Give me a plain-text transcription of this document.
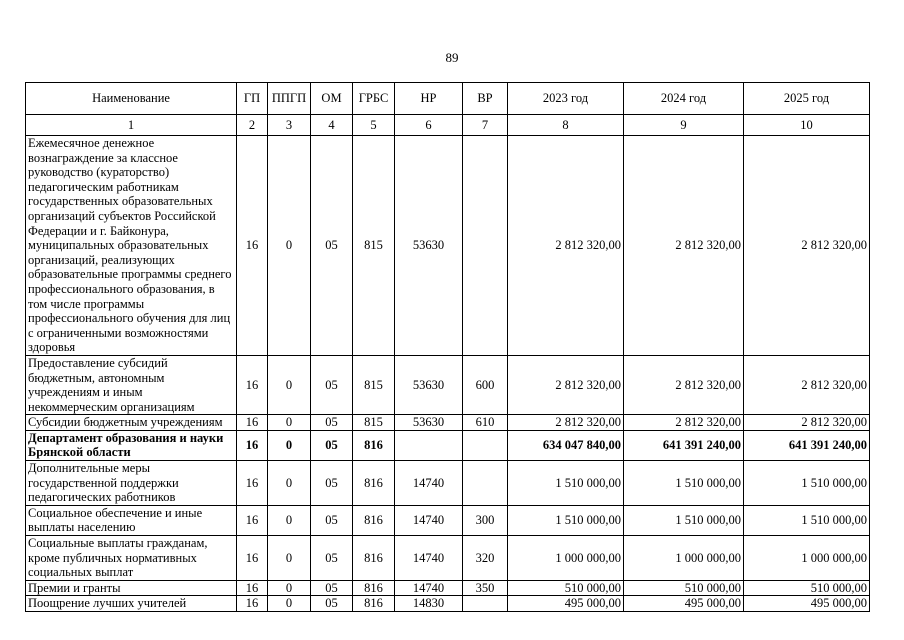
89
Наименование	ГП	ППГП	ОМ	ГРБС	НР	ВР	2023 год	2024 год	2025 год
1	2	3	4	5	6	7	8	9	10
Ежемесячное денежное вознаграждение за классное руководство (кураторство) педагогическим работникам государственных образовательных организаций субъектов Российской Федерации и г. Байконура, муниципальных образовательных организаций, реализующих образовательные программы среднего профессионального образования, в том числе программы профессионального обучения для лиц с ограниченными возможностями здоровья	16	0	05	815	53630		2 812 320,00	2 812 320,00	2 812 320,00
Предоставление субсидий бюджетным, автономным учреждениям и иным некоммерческим организациям	16	0	05	815	53630	600	2 812 320,00	2 812 320,00	2 812 320,00
Субсидии бюджетным учреждениям	16	0	05	815	53630	610	2 812 320,00	2 812 320,00	2 812 320,00
Департамент образования и науки Брянской области	16	0	05	816			634 047 840,00	641 391 240,00	641 391 240,00
Дополнительные меры государственной поддержки педагогических работников	16	0	05	816	14740		1 510 000,00	1 510 000,00	1 510 000,00
Социальное обеспечение и иные выплаты населению	16	0	05	816	14740	300	1 510 000,00	1 510 000,00	1 510 000,00
Социальные выплаты гражданам, кроме публичных нормативных социальных выплат	16	0	05	816	14740	320	1 000 000,00	1 000 000,00	1 000 000,00
Премии и гранты	16	0	05	816	14740	350	510 000,00	510 000,00	510 000,00
Поощрение лучших учителей	16	0	05	816	14830		495 000,00	495 000,00	495 000,00
